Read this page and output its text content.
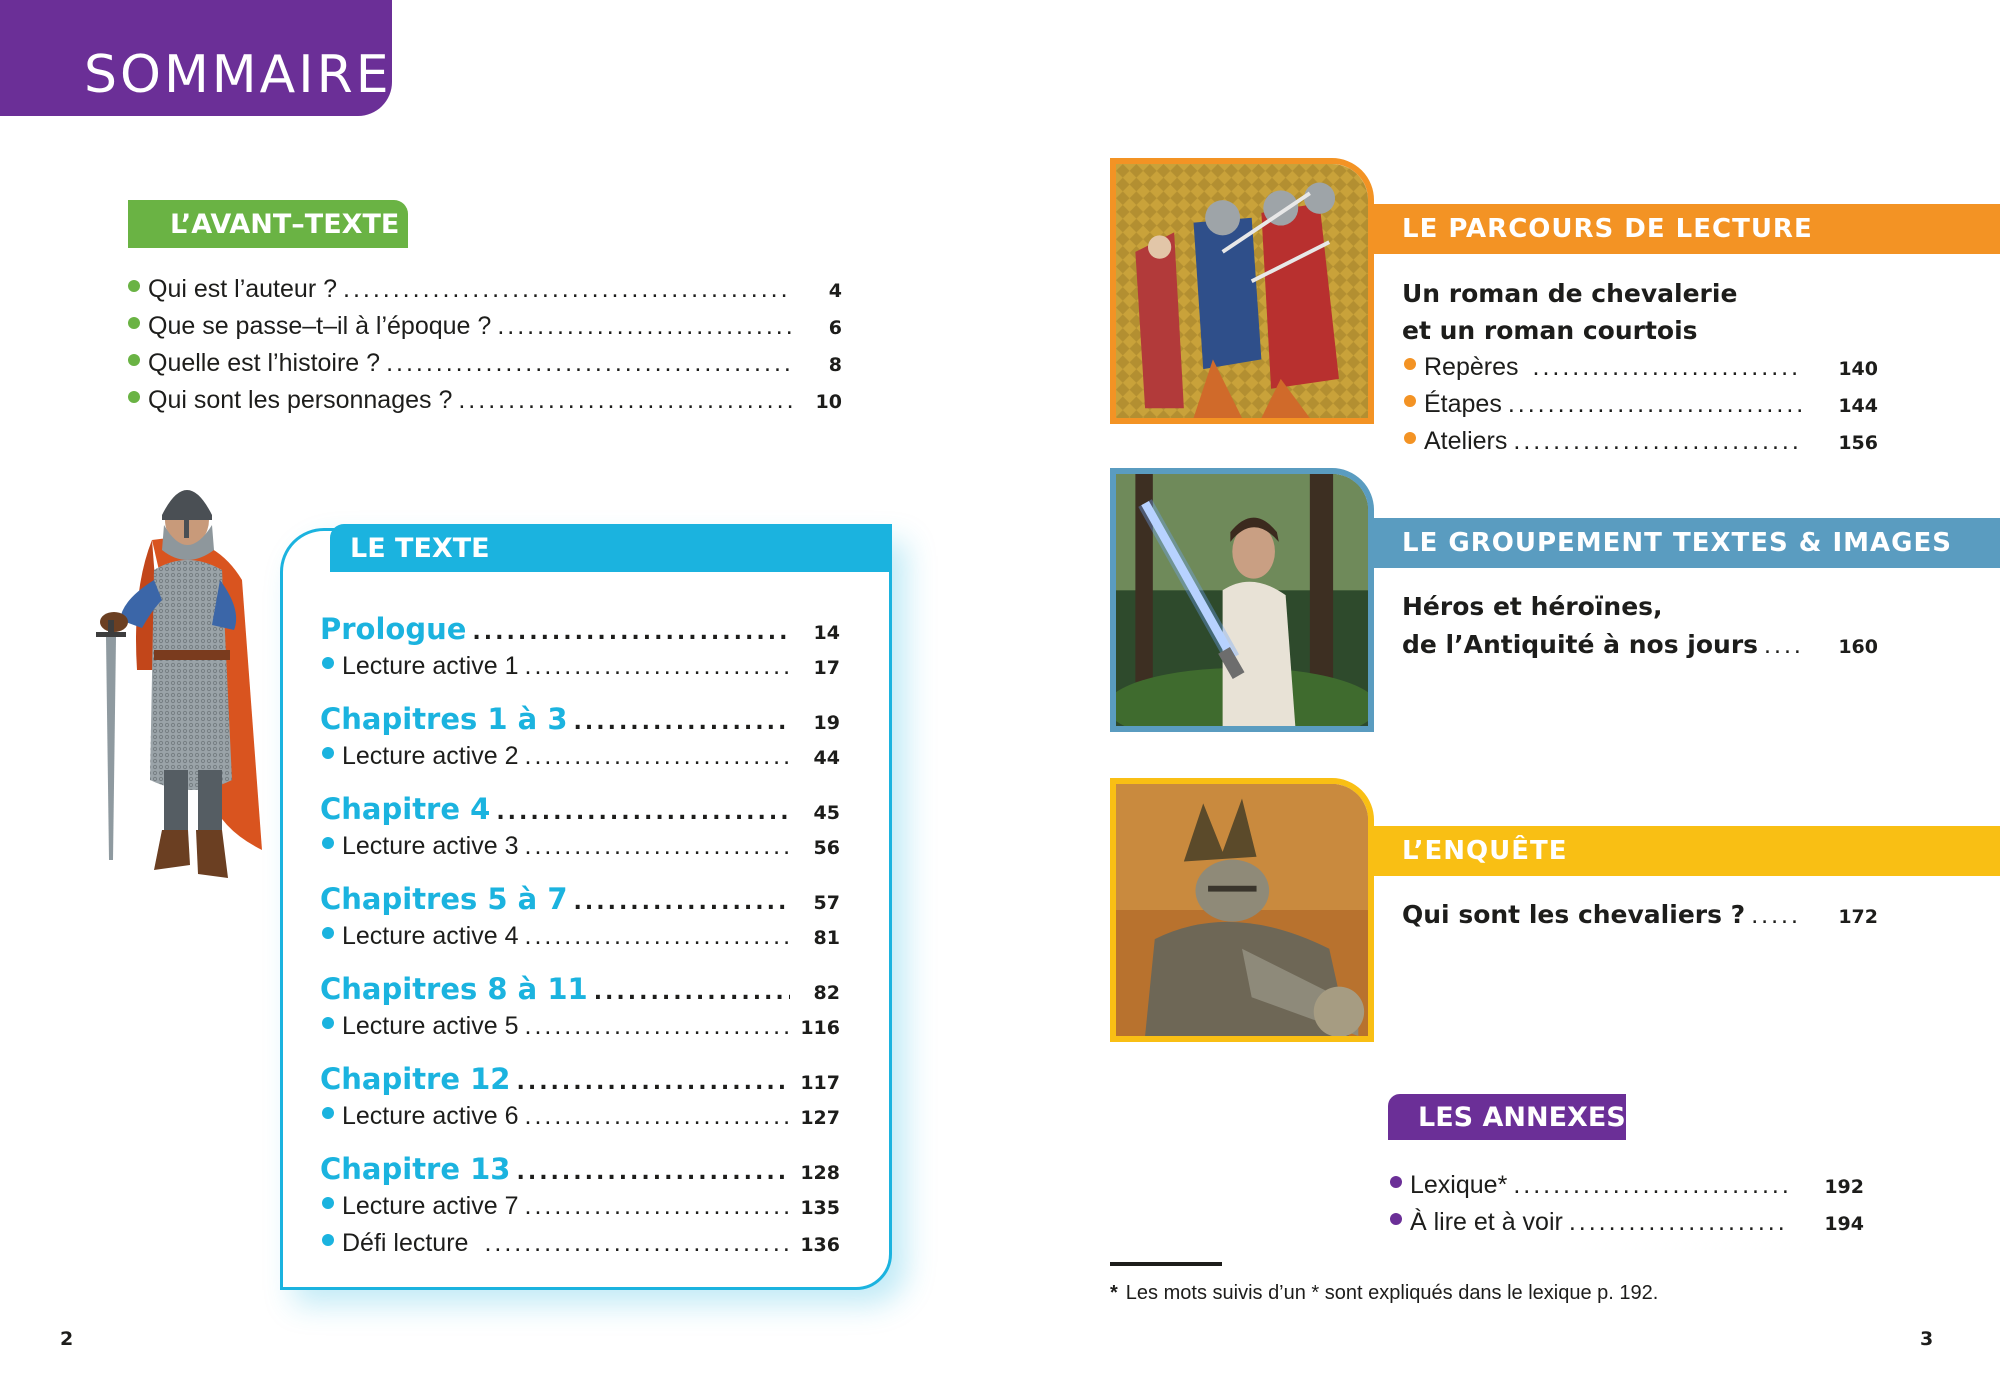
SOMMAIRE
L’AVANT–TEXTE
Qui est l’auteur ? .....	4
Que se passe–t–il à l’époque ? .....	6
Quelle est l’histoire ? .....	8
Qui sont les personnages ? .....	10
LE TEXTE
Prologue .....	14
Lecture active 1 .....	17
Chapitres 1 à 3 .....	19
Lecture active 2 .....	44
Chapitre 4 .....	45
Lecture active 3 .....	56
Chapitres 5 à 7 .....	57
Lecture active 4 .....	81
Chapitres 8 à 11 .....	82
Lecture active 5 .....	116
Chapitre 12 .....	117
Lecture active 6 .....	127
Chapitre 13 .....	128
Lecture active 7 .....	135
Défi lecture .....	136
LE PARCOURS DE LECTURE
Un roman de chevalerie
et un roman courtois
Repères .....	140
Étapes .....	144
Ateliers .....	156
LE GROUPEMENT TEXTES & IMAGES
Héros et héroïnes,
de l’Antiquité à nos jours .....	160
L’ENQUÊTE
Qui sont les chevaliers ? .....	172
LES ANNEXES
Lexique* .....	192
À lire et à voir .....	194
* Les mots suivis d’un * sont expliqués dans le lexique p. 192.
2	3
